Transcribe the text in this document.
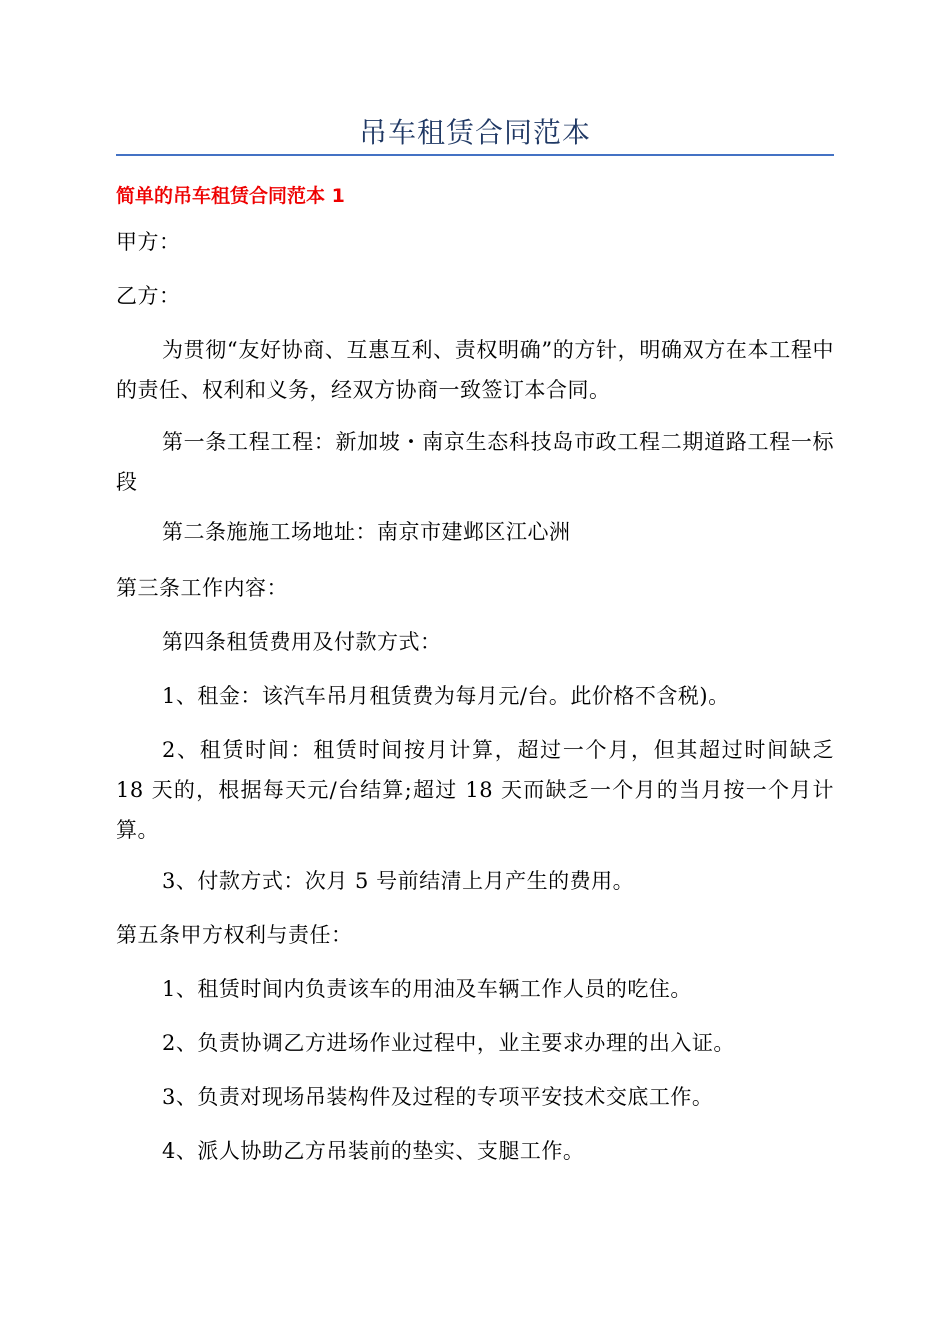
吊车租赁合同范本
简单的吊车租赁合同范本 1

甲方：

乙方：

为贯彻“友好协商、互惠互利、责权明确”的方针，明确双方在本工程中的责任、权利和义务，经双方协商一致签订本合同。

第一条工程工程：新加坡・南京生态科技岛市政工程二期道路工程一标段

第二条施施工场地址：南京市建邺区江心洲

第三条工作内容：

第四条租赁费用及付款方式：

1、租金：该汽车吊月租赁费为每月元/台。此价格不含税)。

2、租赁时间：租赁时间按月计算，超过一个月，但其超过时间缺乏 18 天的，根据每天元/台结算;超过 18 天而缺乏一个月的当月按一个月计算。

3、付款方式：次月 5 号前结清上月产生的费用。

第五条甲方权利与责任：

1、租赁时间内负责该车的用油及车辆工作人员的吃住。

2、负责协调乙方进场作业过程中，业主要求办理的出入证。

3、负责对现场吊装构件及过程的专项平安技术交底工作。

4、派人协助乙方吊装前的垫实、支腿工作。
